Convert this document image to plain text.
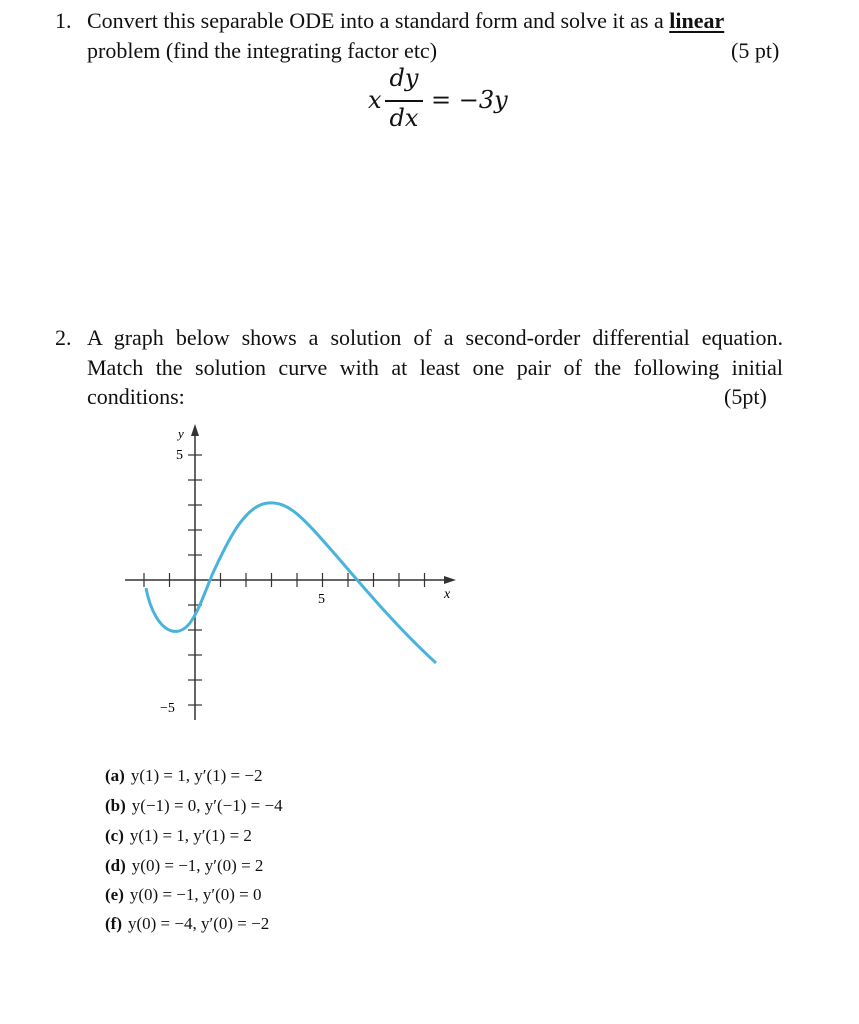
1. Convert this separable ODE into a standard form and solve it as a linear
problem (find the integrating factor etc)	(5 pt)
x
dy
dx
= −3y
2. A graph below shows a solution of a second-order differential equation.
Match the solution curve with at least one pair of the following initial
conditions:	(5pt)
y
5
−5
5	x
(a) y(1) = 1, y′(1) = −2
(b) y(−1) = 0, y′(−1) = −4
(c) y(1) = 1, y′(1) = 2
(d) y(0) = −1, y′(0) = 2
(e) y(0) = −1, y′(0) = 0
(f) y(0) = −4, y′(0) = −2
